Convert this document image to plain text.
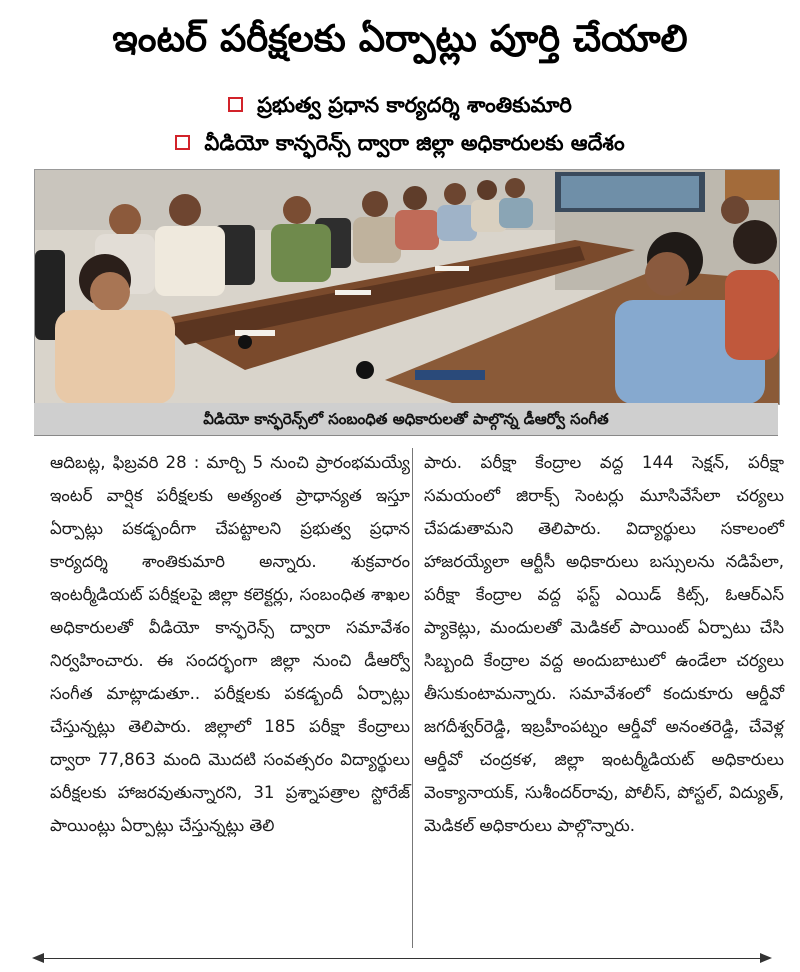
ఇంటర్ పరీక్షలకు ఏర్పాట్లు పూర్తి చేయాలి
ప్రభుత్వ ప్రధాన కార్యదర్శి శాంతికుమారి
వీడియో కాన్ఫరెన్స్ ద్వారా జిల్లా అధికారులకు ఆదేశం
వీడియో కాన్ఫరెన్స్‌లో సంబంధిత అధికారులతో పాల్గొన్న డీఆర్వో సంగీత

ఆదిబట్ల, ఫిబ్రవరి 28 : మార్చి 5 నుంచి ప్రారంభమయ్యే ఇంటర్ వార్షిక పరీక్షలకు అత్యంత ప్రాధాన్యత ఇస్తూ ఏర్పాట్లు పకడ్బందీగా చేపట్టాలని ప్రభుత్వ ప్రధాన కార్యదర్శి శాంతికుమారి అన్నారు. శుక్రవారం ఇంటర్మీడియట్ పరీక్షలపై జిల్లా కలెక్టర్లు, సంబంధిత శాఖల అధికారులతో వీడియో కాన్ఫరెన్స్ ద్వారా సమావేశం నిర్వహించారు. ఈ సందర్భంగా జిల్లా నుంచి డీఆర్వో సంగీత మాట్లాడుతూ.. పరీక్షలకు పకడ్బందీ ఏర్పాట్లు చేస్తున్నట్లు తెలిపారు. జిల్లాలో 185 పరీక్షా కేంద్రాలు ద్వారా 77,863 మంది మొదటి సంవత్సరం విద్యార్థులు పరీక్షలకు హాజరవుతున్నారని, 31 ప్రశ్నాపత్రాల స్టోరేజ్ పాయింట్లు ఏర్పాట్లు చేస్తున్నట్లు తెలి

పారు. పరీక్షా కేంద్రాల వద్ద 144 సెక్షన్, పరీక్షా సమయంలో జిరాక్స్ సెంటర్లు మూసివేసేలా చర్యలు చేపడుతామని తెలిపారు. విద్యార్థులు సకాలంలో హాజరయ్యేలా ఆర్టీసీ అధికారులు బస్సులను నడిపేలా, పరీక్షా కేంద్రాల వద్ద ఫస్ట్ ఎయిడ్ కిట్స్, ఓఆర్‌ఎస్ ప్యాకెట్లు, మందులతో మెడికల్ పాయింట్ ఏర్పాటు చేసి సిబ్బంది కేంద్రాల వద్ద అందుబాటులో ఉండేలా చర్యలు తీసుకుంటామన్నారు. సమావేశంలో కందుకూరు ఆర్డీవో జగదీశ్వర్‌రెడ్డి, ఇబ్రహీంపట్నం ఆర్డీవో అనంతరెడ్డి, చేవెళ్ల ఆర్డీవో చంద్రకళ, జిల్లా ఇంటర్మీడియట్ అధికారులు వెంక్యానాయక్, సుశీందర్‌రావు, పోలీస్, పోస్టల్, విద్యుత్, మెడికల్ అధికారులు పాల్గొన్నారు.
